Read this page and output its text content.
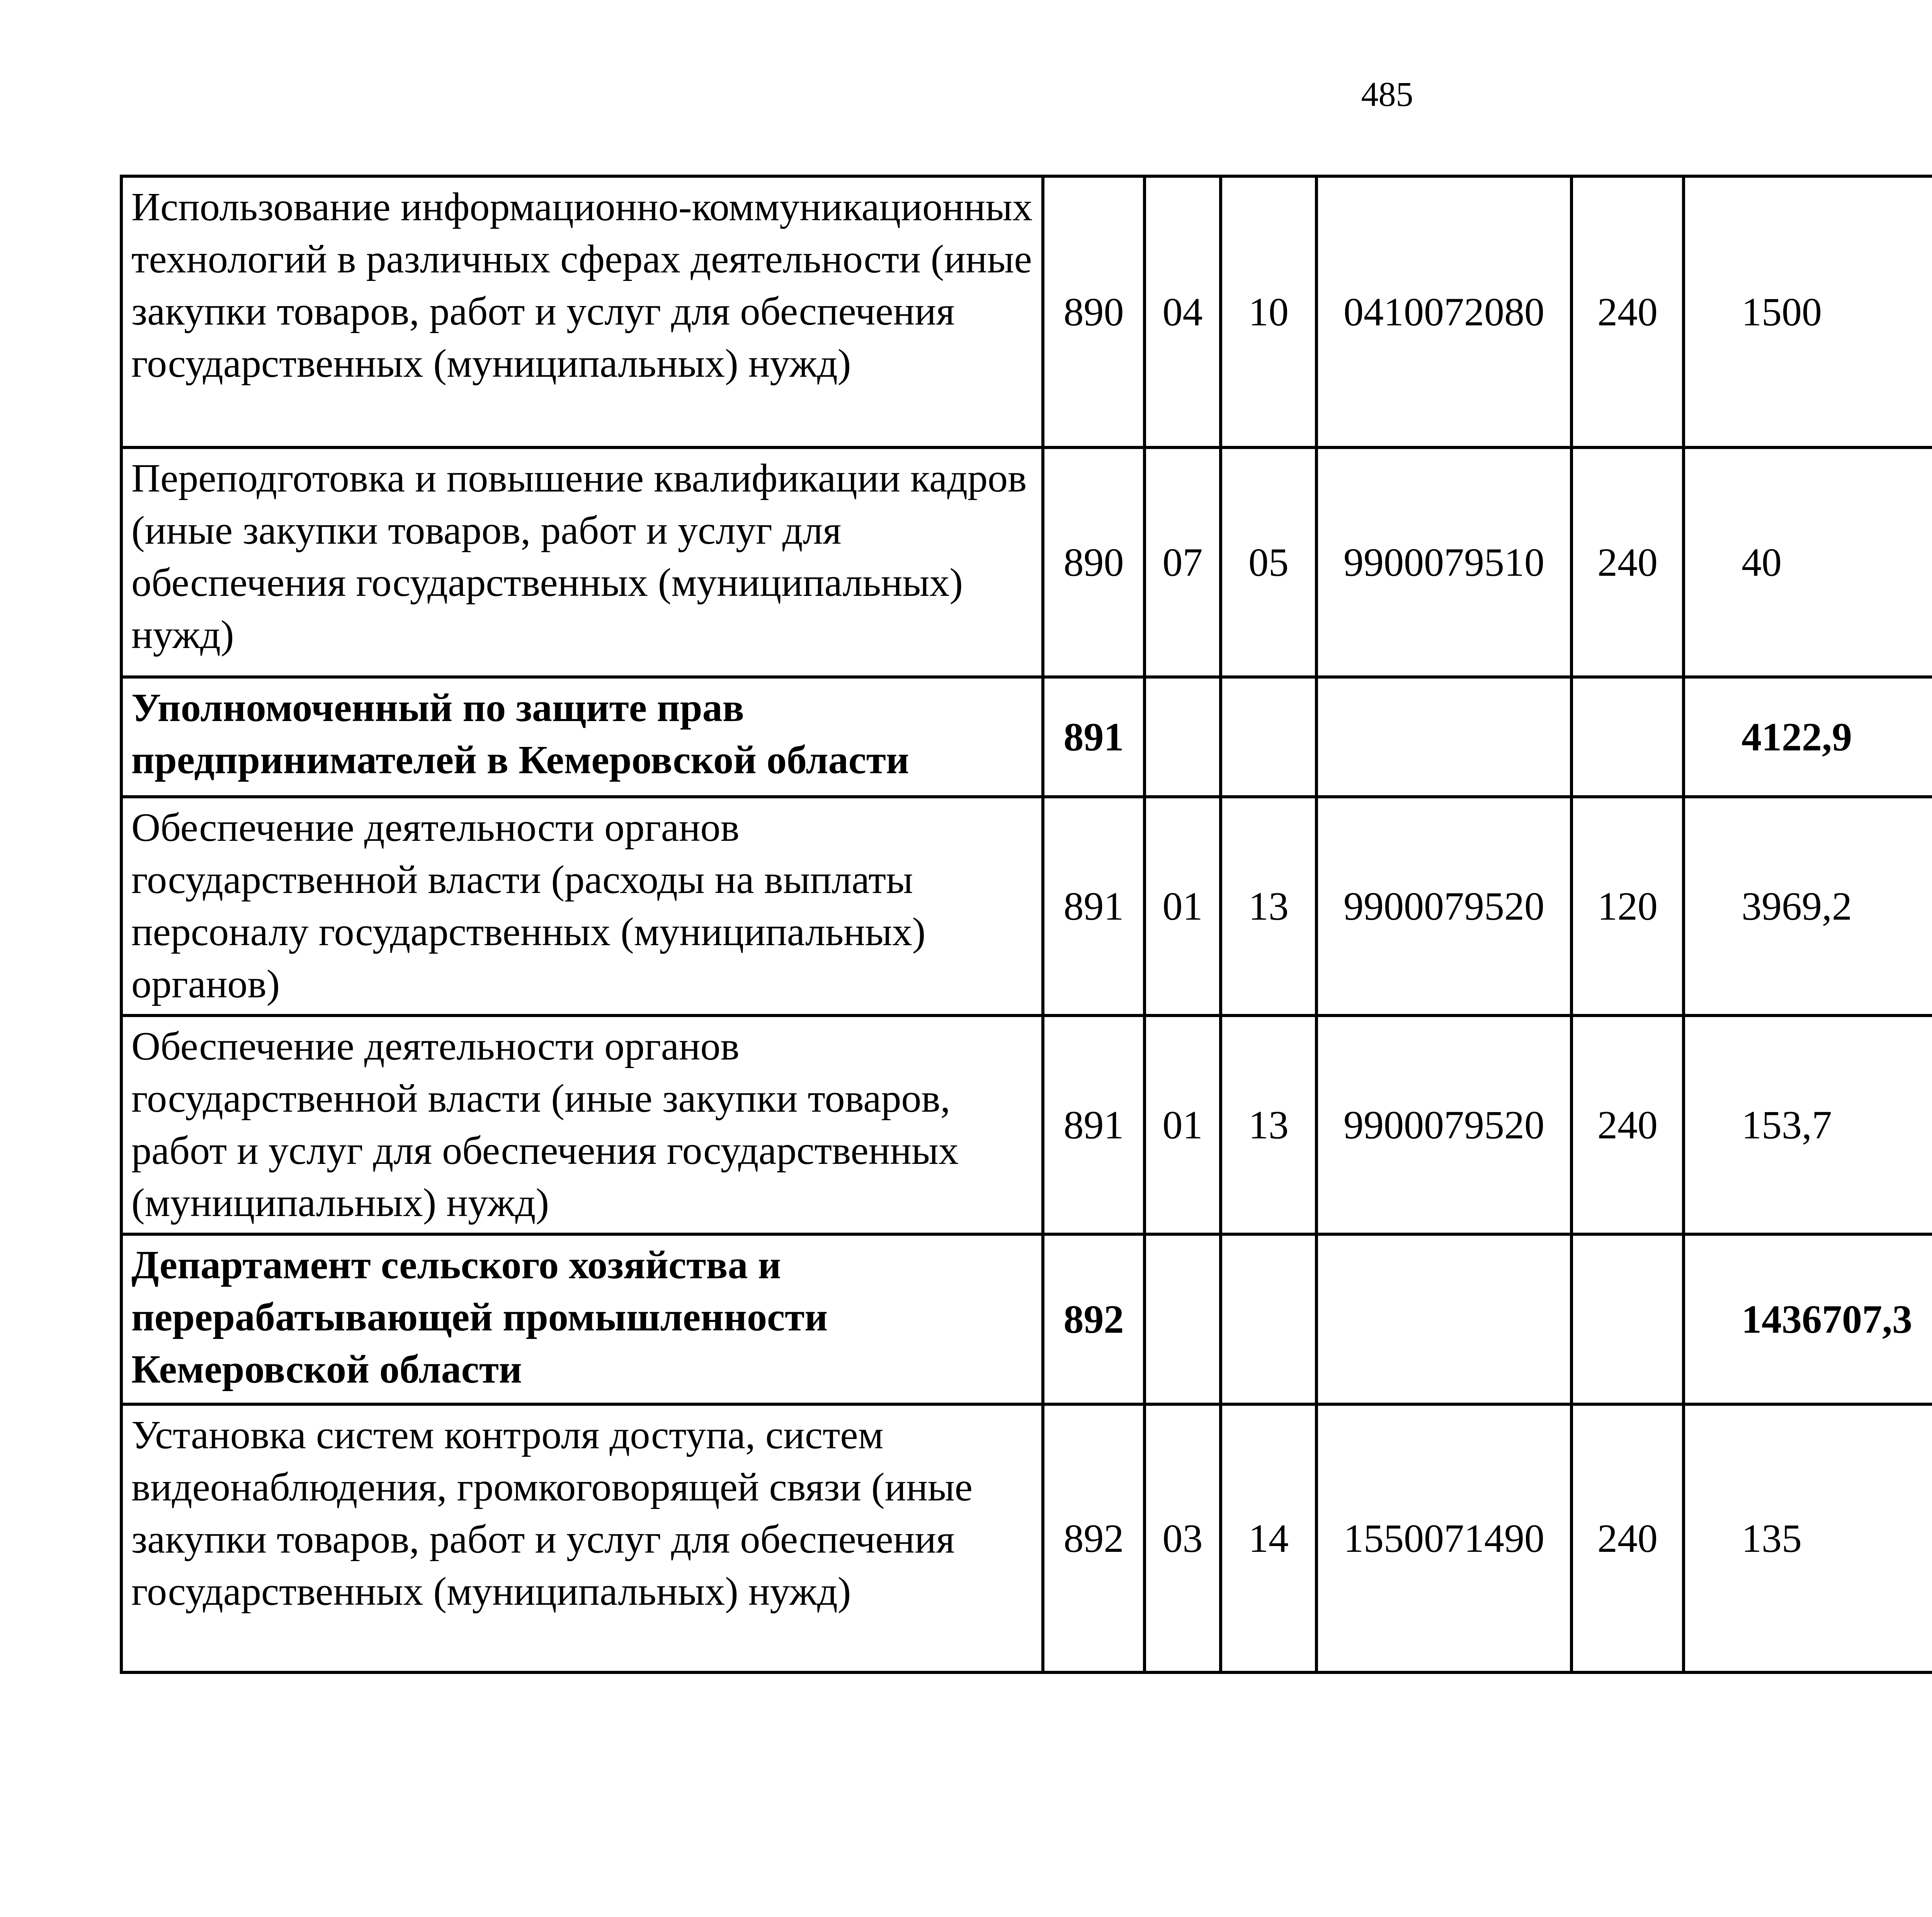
485
Использование информационно-коммуникационных технологий в различных сферах деятельности (иные закупки товаров, работ и услуг для обеспечения государственных (муниципальных) нужд)	890	04	10	0410072080	240	1500		
Переподготовка и повышение квалификации кадров (иные закупки товаров, работ и услуг для обеспечения государственных (муниципальных) нужд)	890	07	05	9900079510	240	40		
Уполномоченный по защите прав предпринимателей в Кемеровской области	891					4122,9		
Обеспечение деятельности органов государственной власти (расходы на выплаты персоналу государственных (муниципальных) органов)	891	01	13	9900079520	120	3969,2		
Обеспечение деятельности органов государственной власти (иные закупки товаров, работ и услуг для обеспечения государственных (муниципальных) нужд)	891	01	13	9900079520	240	153,7		
Департамент сельского хозяйства и перерабатывающей промышленности Кемеровской области	892					1436707,3		
Установка систем контроля доступа, систем видеонаблюдения, громкоговорящей связи (иные закупки товаров, работ и услуг для обеспечения государственных (муниципальных) нужд)	892	03	14	1550071490	240	135		
